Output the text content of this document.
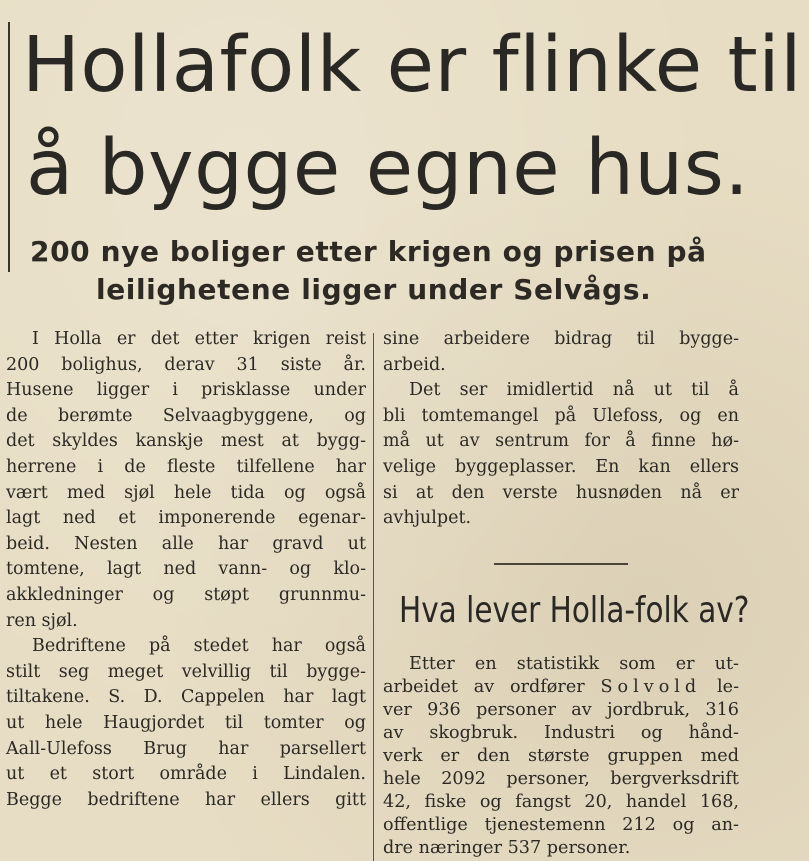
Hollafolk er flinke til
å bygge egne hus.
200 nye boliger etter krigen og prisen på
leilighetene ligger under Selvågs.
I Holla er det etter krigen reist
200 bolighus, derav 31 siste år.
Husene ligger i prisklasse under
de berømte Selvaagbyggene, og
det skyldes kanskje mest at bygg-
herrene i de fleste tilfellene har
vært med sjøl hele tida og også
lagt ned et imponerende egenar-
beid. Nesten alle har gravd ut
tomtene, lagt ned vann- og klo-
akkledninger og støpt grunnmu-
ren sjøl.
Bedriftene på stedet har også
stilt seg meget velvillig til bygge-
tiltakene. S. D. Cappelen har lagt
ut hele Haugjordet til tomter og
Aall-Ulefoss Brug har parsellert
ut et stort område i Lindalen.
Begge bedriftene har ellers gitt
sine arbeidere bidrag til bygge-
arbeid.
Det ser imidlertid nå ut til å
bli tomtemangel på Ulefoss, og en
må ut av sentrum for å finne hø-
velige byggeplasser. En kan ellers
si at den verste husnøden nå er
avhjulpet.
Hva lever Holla-folk av?
Etter en statistikk som er ut-
arbeidet av ordfører Solvold le-
ver 936 personer av jordbruk, 316
av skogbruk. Industri og hånd-
verk er den største gruppen med
hele 2092 personer, bergverksdrift
42, fiske og fangst 20, handel 168,
offentlige tjenestemenn 212 og an-
dre næringer 537 personer.
